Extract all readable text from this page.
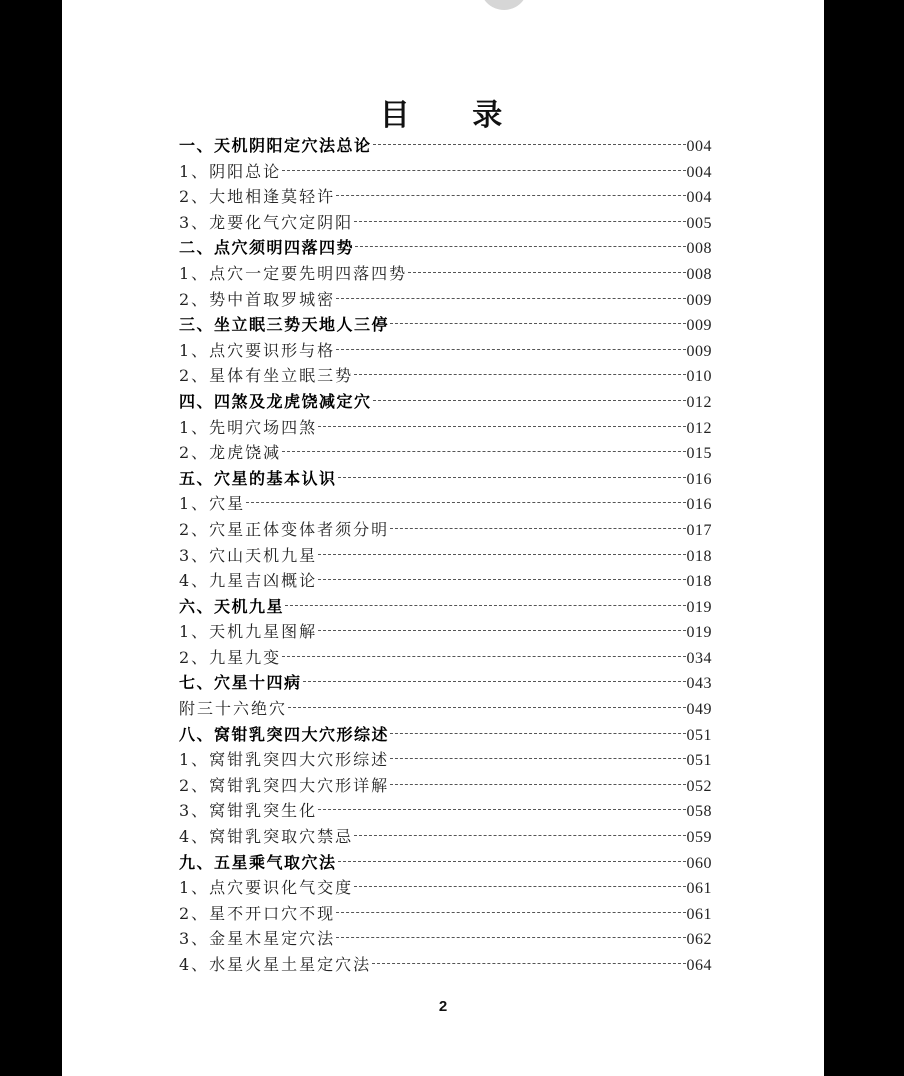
目 录
一、天机阴阳定穴法总论	004
1、阴阳总论	004
2、大地相逢莫轻许	004
3、龙要化气穴定阴阳	005
二、点穴须明四落四势	008
1、点穴一定要先明四落四势	008
2、势中首取罗城密	009
三、坐立眠三势天地人三停	009
1、点穴要识形与格	009
2、星体有坐立眠三势	010
四、四煞及龙虎饶减定穴	012
1、先明穴场四煞	012
2、龙虎饶减	015
五、穴星的基本认识	016
1、穴星	016
2、穴星正体变体者须分明	017
3、穴山天机九星	018
4、九星吉凶概论	018
六、天机九星	019
1、天机九星图解	019
2、九星九变	034
七、穴星十四病	043
附三十六绝穴	049
八、窝钳乳突四大穴形综述	051
1、窝钳乳突四大穴形综述	051
2、窝钳乳突四大穴形详解	052
3、窝钳乳突生化	058
4、窝钳乳突取穴禁忌	059
九、五星乘气取穴法	060
1、点穴要识化气交度	061
2、星不开口穴不现	061
3、金星木星定穴法	062
4、水星火星土星定穴法	064
2
